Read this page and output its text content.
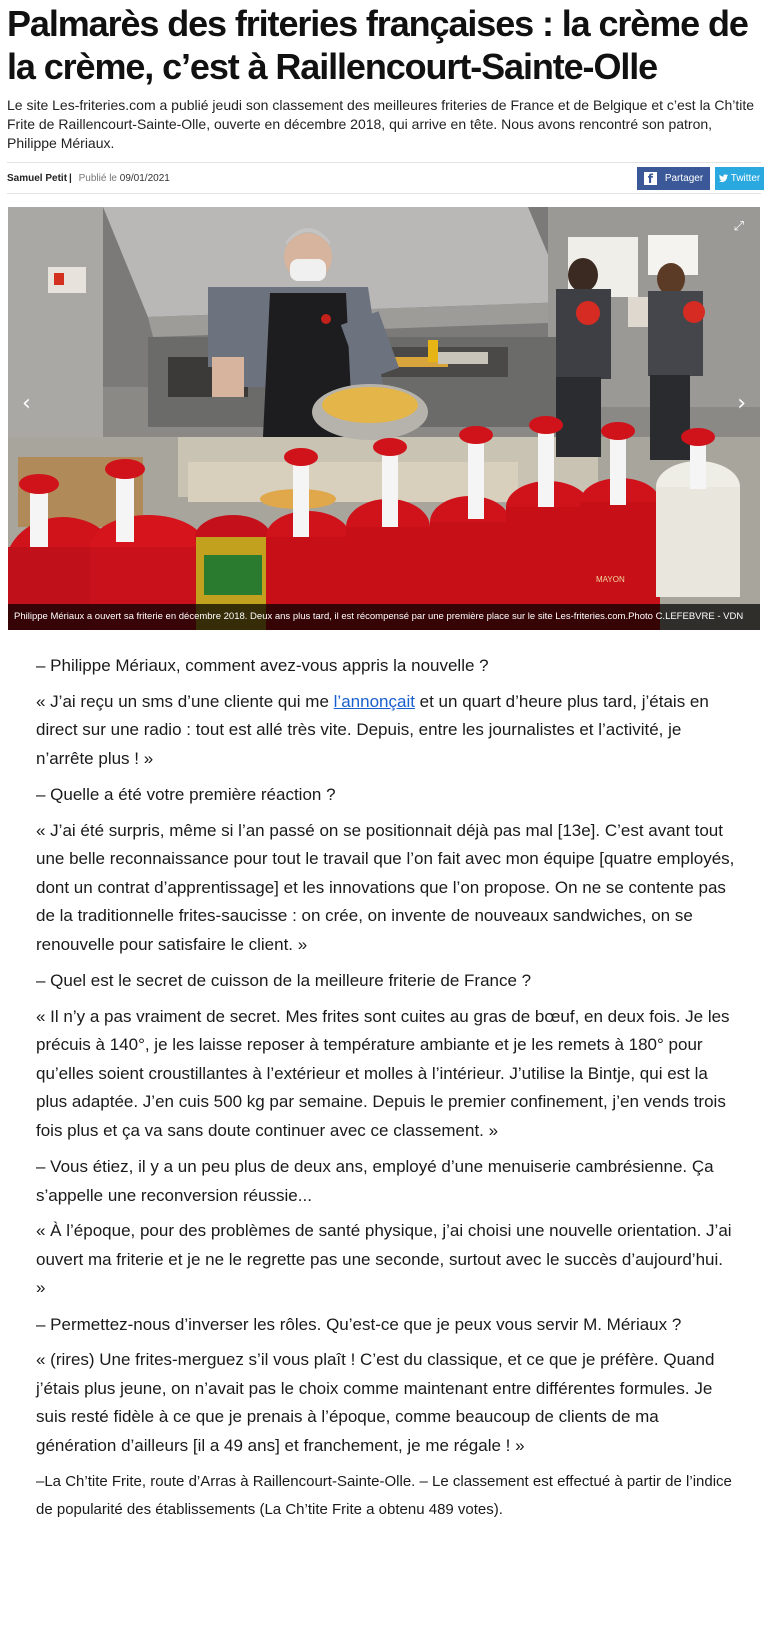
Palmarès des friteries françaises : la crème de la crème, c’est à Raillencourt-Sainte-Olle

Le site Les-friteries.com a publié jeudi son classement des meilleures friteries de France et de Belgique et c’est la Ch’tite Frite de Raillencourt-Sainte-Olle, ouverte en décembre 2018, qui arrive en tête. Nous avons rencontré son patron, Philippe Mériaux.

Samuel Petit | Publié le 09/01/2021	f	Partager	Twitter
MAYON
⤢
‹	›
Philippe Mériaux a ouvert sa friterie en décembre 2018. Deux ans plus tard, il est récompensé par une première place sur le site Les-friteries.com.Photo C.LEFEBVRE - VDN

– Philippe Mériaux, comment avez-vous appris la nouvelle ?

« J’ai reçu un sms d’une cliente qui me l’annonçait et un quart d’heure plus tard, j’étais en direct sur une radio : tout est allé très vite. Depuis, entre les journalistes et l’activité, je n’arrête plus ! »

– Quelle a été votre première réaction ?

« J’ai été surpris, même si l’an passé on se positionnait déjà pas mal [13e]. C’est avant tout une belle reconnaissance pour tout le travail que l’on fait avec mon équipe [quatre employés, dont un contrat d’apprentissage] et les innovations que l’on propose. On ne se contente pas de la traditionnelle frites-saucisse : on crée, on invente de nouveaux sandwiches, on se renouvelle pour satisfaire le client. »

– Quel est le secret de cuisson de la meilleure friterie de France ?

« Il n’y a pas vraiment de secret. Mes frites sont cuites au gras de bœuf, en deux fois. Je les précuis à 140°, je les laisse reposer à température ambiante et je les remets à 180° pour qu’elles soient croustillantes à l’extérieur et molles à l’intérieur. J’utilise la Bintje, qui est la plus adaptée. J’en cuis 500 kg par semaine. Depuis le premier confinement, j’en vends trois fois plus et ça va sans doute continuer avec ce classement. »

– Vous étiez, il y a un peu plus de deux ans, employé d’une menuiserie cambrésienne. Ça s’appelle une reconversion réussie...

« À l’époque, pour des problèmes de santé physique, j’ai choisi une nouvelle orientation. J’ai ouvert ma friterie et je ne le regrette pas une seconde, surtout avec le succès d’aujourd’hui. »

– Permettez-nous d’inverser les rôles. Qu’est-ce que je peux vous servir M. Mériaux ?

« (rires) Une frites-merguez s’il vous plaît ! C’est du classique, et ce que je préfère. Quand j’étais plus jeune, on n’avait pas le choix comme maintenant entre différentes formules. Je suis resté fidèle à ce que je prenais à l’époque, comme beaucoup de clients de ma génération d’ailleurs [il a 49 ans] et franchement, je me régale ! »

–La Ch’tite Frite, route d’Arras à Raillencourt-Sainte-Olle. – Le classement est effectué à partir de l’indice de popularité des établissements (La Ch’tite Frite a obtenu 489 votes).
